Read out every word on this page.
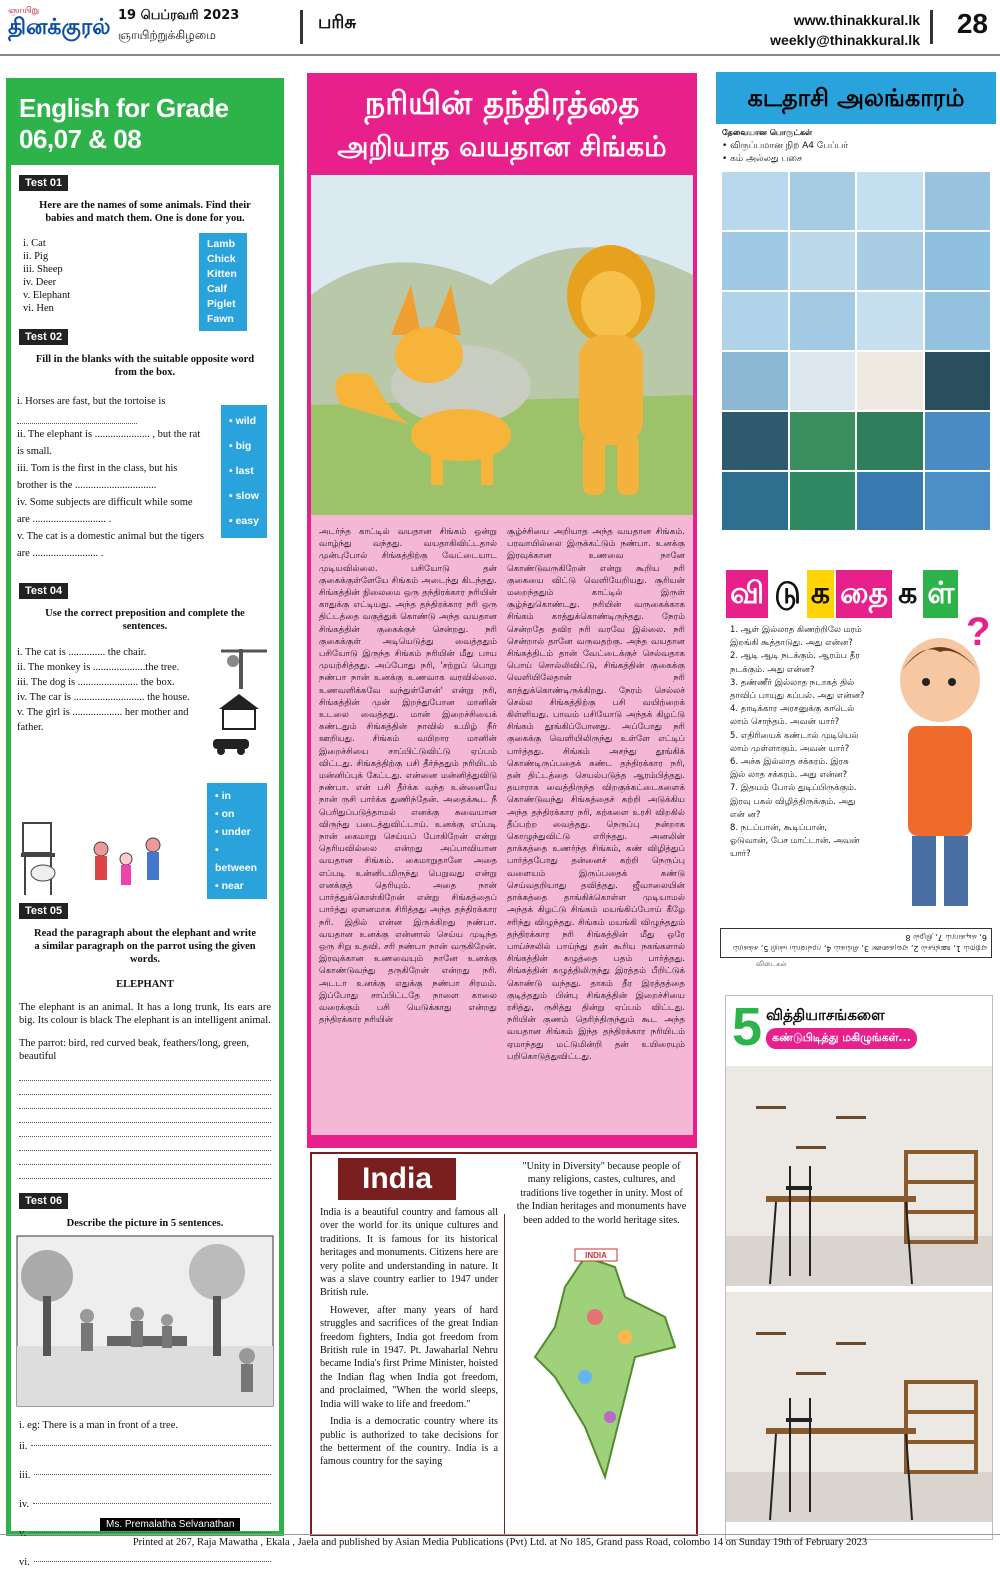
ஞாயிறு
தினக்குரல் 19 பெப்ரவரி 2023
ஞாயிற்றுக்கிழமை
பரிசு	www.thinakkural.lk
weekly@thinakkural.lk
28
English for Grade 06,07 & 08
Test 01
Here are the names of some animals. Find their babies and match them. One is done for you.
i. Cat
ii. Pig
iii. Sheep
iv. Deer
v. Elephant
vi. Hen
Lamb
Chick
Kitten
Calf
Piglet
Fawn
Test 02
Fill in the blanks with the suitable opposite word from the box.
i. Horses are fast, but the tortoise is
ii. The elephant is ..................... , but the rat is small.
iii. Tom is the first in the class, but his brother is the ...............................
iv. Some subjects are difficult while some are ............................ .
v. The cat is a domestic animal but the tigers are ......................... .
• wild
• big
• last
• slow
• easy
Test 04
Use the correct preposition and complete the sentences.
i. The cat is .............. the chair.
ii. The monkey is ....................the tree.
iii. The dog is ....................... the box.
iv. The car is ........................... the house.
v. The girl is ................... her mother and father.
• in
• on
• under
• between
• near
Test 05
Read the paragraph about the elephant and write a similar paragraph on the parrot using the given words.
ELEPHANT
The elephant is an animal. It has a long trunk, Its ears are big. Its colour is black The elephant is an intelligent animal.
The parrot: bird, red curved beak, feathers/long, green, beautiful
Test 06
Describe the picture in 5 sentences.
i. eg: There is a man in front of a tree.
ii.
iii.
iv.
v.
vi.
Ms. Premalatha Selvanathan
நரியின் தந்திரத்தை
அறியாத வயதான சிங்கம்
அடர்ந்த காட்டில் வயதான சிங்கம் ஒன்று வாழ்ந்து வந்தது. வயதாகிவிட்டதால் முன்புபோல் சிங்கத்திற்கு வேட்டையாட முடியவில்லை. பசியோடு தன் குகைக்குள்ளேயே சிங்கம் அடைந்து கிடந்தது. சிங்கத்தின் நிலைமை ஒரு தந்திரக்கார நரியின் காதுக்கு எட்டியது. அந்த தந்திரக்கார நரி ஒரு திட்டத்தை வகுத்துக் கொண்டு அந்த வயதான சிங்கத்தின் குகைக்குச் சென்றது. நரி குகைக்குள் அடியெடுத்து வைத்ததும் பசியோடு இருந்த சிங்கம் நரியின் மீது பாய முயற்சித்தது. அப்போது நரி, 'சற்றுப் பொறு நண்பா நான் உனக்கு உணவாக வரவில்லை. உணவளிக்கவே வந்துள்ளேன்' என்று நரி, சிங்கத்தின் முன் இறந்துபோன மானின் உடலை வைத்தது. மான் இறைச்சியைக் கண்டதும் சிங்கத்தின் நாவில் உமிழ் நீர் ஊறியது. சிங்கம் வயிறார மானின் இறைச்சியை சாப்பிட்டுவிட்டு ஏப்பம் விட்டது. சிங்கத்திற்கு பசி தீர்ந்ததும் நரியிடம் மன்னிப்புக் கேட்டது. என்னை மன்னித்துவிடு நண்பா. என் பசி தீர்க்க வந்த உன்னையே நான் ருசி பார்க்க துணிந்தேன். அதைக்கூட நீ பெரிதுப்படுத்தாமல் எனக்கு சுவையான விருந்து படைத்துவிட்டாய். உனக்கு எப்படி நான் கைமாறு செய்யப் போகிறேன் என்று தெரியவில்லை என்றது அப்பாவியான வயதான சிங்கம். கைமாறுதானே அதை எப்படி உன்னிடமிருந்து பெறுவது என்று எனக்குத் தெரியும். அதை நான் பார்த்துக்கொள்கிறேன் என்று சிங்கத்தைப் பார்த்து ஏளனமாக சிரித்தது அந்த தந்திரக்கார நரி. இதில் என்ன இருக்கிறது நண்பா. வயதான உனக்கு என்னால் செய்ய முடிந்த ஒரு சிறு உதவி. சரி நண்பா நான் வருகிறேன். இரவுக்கான உணவையும் நானே உனக்கு கொண்டுவந்து தருகிறேன் என்றது நரி. அடடா உனக்கு எதுக்கு நண்பா சிரமம். இப்போது சாப்பிட்டதே நாளை காலை வரைக்கும் பசி யெடுக்காது என்றது தந்திரக்கார நரியின்
சூழ்ச்சியை அறியாத அந்த வயதான சிங்கம். பரவாயில்லை இருக்கட்டும் நண்பா. உனக்கு இரவுக்கான உணவை நானே கொண்டுவருகிறேன் என்று கூறிய நரி குகையை விட்டு வெளியேறியது. சூரியன் மறைந்ததும் காட்டில் இருள் சூழ்ந்துகொண்டது. நரியின் வருகைக்காக சிங்கம் காத்துக்கொண்டிருந்தது. நேரம் சென்றதே தவிர நரி வரவே இல்லை. நரி சென்றால் தானே வருவதற்கு. அந்த வயதான சிங்கத்திடம் தான் வேட்டைக்குச் செல்வதாக பொய் சொல்லிவிட்டு, சிங்கத்தின் குகைக்கு வெளியிலேதான் நரி காத்துக்கொண்டிருக்கிறது. நேரம் செல்லச் செல்ல சிங்கத்திற்கு பசி வயிற்றைக் கிள்ளியது. பாவம் பசியோடு அந்தக் கிழட்டு சிங்கம் தூங்கிப்போனது. அப்போது நரி குகைக்கு வெளியிலிருந்து உள்ளே எட்டிப் பார்த்தது. சிங்கம் அசந்து தூங்கிக் கொண்டிருப்பதைக் கண்ட தந்திரக்கார நரி, தன் திட்டத்தை செயல்படுத்த ஆரம்பித்தது. தயாராக வைத்திருந்த விறகுக்கட்டைகளைக் கொண்டுவந்து சிங்கத்தைச் சுற்றி அடுக்கிய அந்த தந்திரக்கார நரி, கற்களை உரசி விறகில் தீப்பற்ற வைத்தது. நெருப்பு நன்றாக கொழுந்துவிட்டு எரிந்தது. அனலின் தாக்கத்தை உணர்ந்த சிங்கம், கண் விழித்துப் பார்த்தபோது தன்னைச் சுற்றி நெருப்பு வளையம் இருப்பதைக் கண்டு செய்வதறியாது தவித்தது. ஜீவாலையின் தாக்கத்தை தாங்கிக்கொள்ள முடியாமல் அந்தக் கிழட்டு சிங்கம் மயங்கிப்போய் கீழே சரிந்து விழுந்தது. சிங்கம் மயங்கி விழுந்ததும் தந்திரக்கார நரி சிங்கத்தின் மீது ஒரே பாய்ச்சலில் பாய்ந்து தன் கூரிய நகங்களால் சிங்கத்தின் கழுத்தை பதம் பார்த்தது. சிங்கத்தின் கழுத்திலிருந்து இரத்தம் பீறிட்டுக் கொண்டு வந்தது. தாகம் தீர இரத்தத்தை குடித்ததும் பின்பு சிங்கத்தின் இறைச்சியை ரசித்து, ருசித்து தின்று ஏப்பம் விட்டது. நரியின் குணம் தெரிந்திருந்தும் கூட அந்த வயதான சிங்கம் இந்த தந்திரக்கார நரியிடம் ஏமாந்தது மட்டுமின்றி தன் உயிரையும் பறிகொடுத்துவிட்டது.
India
India is a beautiful country and famous all over the world for its unique cultures and traditions. It is famous for its historical heritages and monuments. Citizens here are very polite and understanding in nature. It was a slave country earlier to 1947 under British rule.
However, after many years of hard struggles and sacrifices of the great Indian freedom fighters, India got freedom from British rule in 1947. Pt. Jawaharlal Nehru became India's first Prime Minister, hoisted the Indian flag when India got freedom, and proclaimed, "When the world sleeps, India will wake to life and freedom."
India is a democratic country where its public is authorized to take decisions for the betterment of the country. India is a famous country for the saying
"Unity in Diversity" because people of many religions, castes, cultures, and traditions live together in unity. Most of the Indian heritages and monuments have been added to the world heritage sites.
INDIA
கடதாசி அலங்காரம்
தேவையான பொருட்கள்
• விருப்பமான நிற A4 பேப்பர்
• கம் அல்லது பசை
வி டு க தை க ள்
?
1. ஆள் இல்லாத கிணற்றிலே மரம் இறங்கி கூத்தாடுது. அது என்ன?
2. ஆடி ஆடி நடக்கும். ஆரம்ப தீர நடக்கும். அது என்ன?
3. தண்ணீர் இல்லாத நடாகத் தில் தாவிப் பாயுது கப்பல். அது என்ன?
4. தாடிக்கார அரசனுக்கு காடெல் லாம் சொந்தம். அவன் யார்?
5. எதிரியைக் கண்டால் முடியெல் லாம் முள்ளாகும். அவன் யார்?
6. அச்சு இல்லாத சக்கரம். இரசு இல் லாத சக்கரம். அது என்ன?
7. இதயம் போல் துடிப்பிருக்கும். இரவு பகல் விழித்திருக்கும். அது என் ன?
8. நடப்பான், கூடிப்பான், ஓடுவான், பேச மாட்டான். அவன் யார்?
ஏற்றம் 1, ஊஞ்சல் 2, ஏவுகணை 3, சிங்கம் 4, முள்ளம்பன்றி 5, சக்கரம் 6, கடிகாரம் 7, நிழல் 8
விடைகள்
5 வித்தியாசங்களை
கண்டுபிடித்து மகிழுங்கள்...
Printed at 267, Raja Mawatha , Ekala , Jaela and published by Asian Media Publications (Pvt) Ltd. at No 185, Grand pass Road, colombo 14 on Sunday 19th of February 2023
